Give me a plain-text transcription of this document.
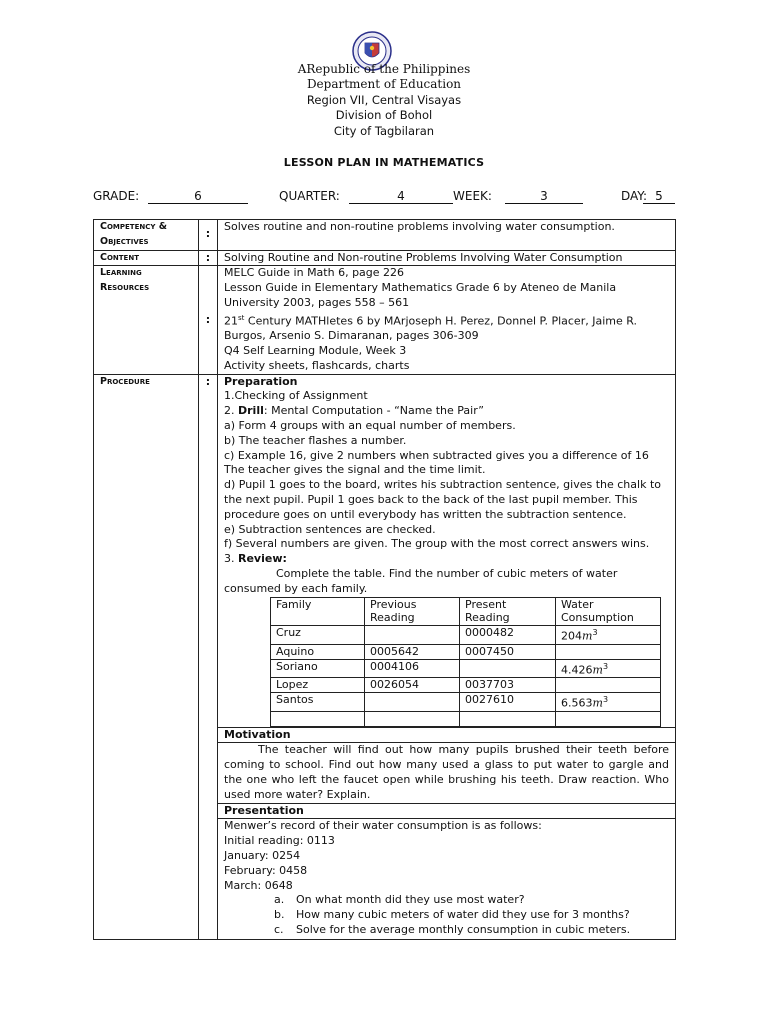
ARepublic of the Philippines
Department of Education
Region VII, Central Visayas
Division of Bohol
City of Tagbilaran
LESSON PLAN IN MATHEMATICS
GRADE:	6	QUARTER:	4	WEEK:	3	DAY: 5
Competency &
Objectives
	:	Solves routine and non-routine problems involving water consumption.
Content	:	Solving Routine and Non-routine Problems Involving Water Consumption

Learning
Resources
	:	
MELC Guide in Math 6, page 226
Lesson Guide in Elementary Mathematics Grade 6 by Ateneo de Manila University 2003, pages 558 – 561
21st Century MATHletes 6 by MArjoseph H. Perez, Donnel P. Placer, Jaime R. Burgos, Arsenio S. Dimaranan, pages 306-309
Q4 Self Learning Module, Week 3
Activity sheets, flashcards, charts

Procedure	:	Preparation
1.Checking of Assignment
2. Drill: Mental Computation - “Name the Pair”
a) Form 4 groups with an equal number of members.
b) The teacher flashes a number.
c) Example 16, give 2 numbers when subtracted gives you a difference of 16
The teacher gives the signal and the time limit.
d) Pupil 1 goes to the board, writes his subtraction sentence, gives the chalk to the next pupil. Pupil 1 goes back to the back of the last pupil member. This procedure goes on until everybody has written the subtraction sentence.
e) Subtraction sentences are checked.
f) Several numbers are given. The group with the most correct answers wins.
3. Review:
Complete the table. Find the number of cubic meters of water consumed by each family.
Family	Previous Reading	Present Reading	Water Consumption
Cruz		0000482	$204m^3$
Aquino	0005642	0007450	
Soriano	0004106		$4.426m^3$
Lopez	0026054	0037703	
Santos		0027610	$6.563m^3$

Motivation
The teacher will find out how many pupils brushed their teeth before coming to school. Find out how many used a glass to put water to gargle and the one who left the faucet open while brushing his teeth. Draw reaction. Who used more water? Explain.
Presentation

Menwer’s record of their water consumption is as follows:
Initial reading: 0113
January: 0254
February: 0458
March: 0648
a. On what month did they use most water?
b. How many cubic meters of water did they use for 3 months?
c. Solve for the average monthly consumption in cubic meters.
